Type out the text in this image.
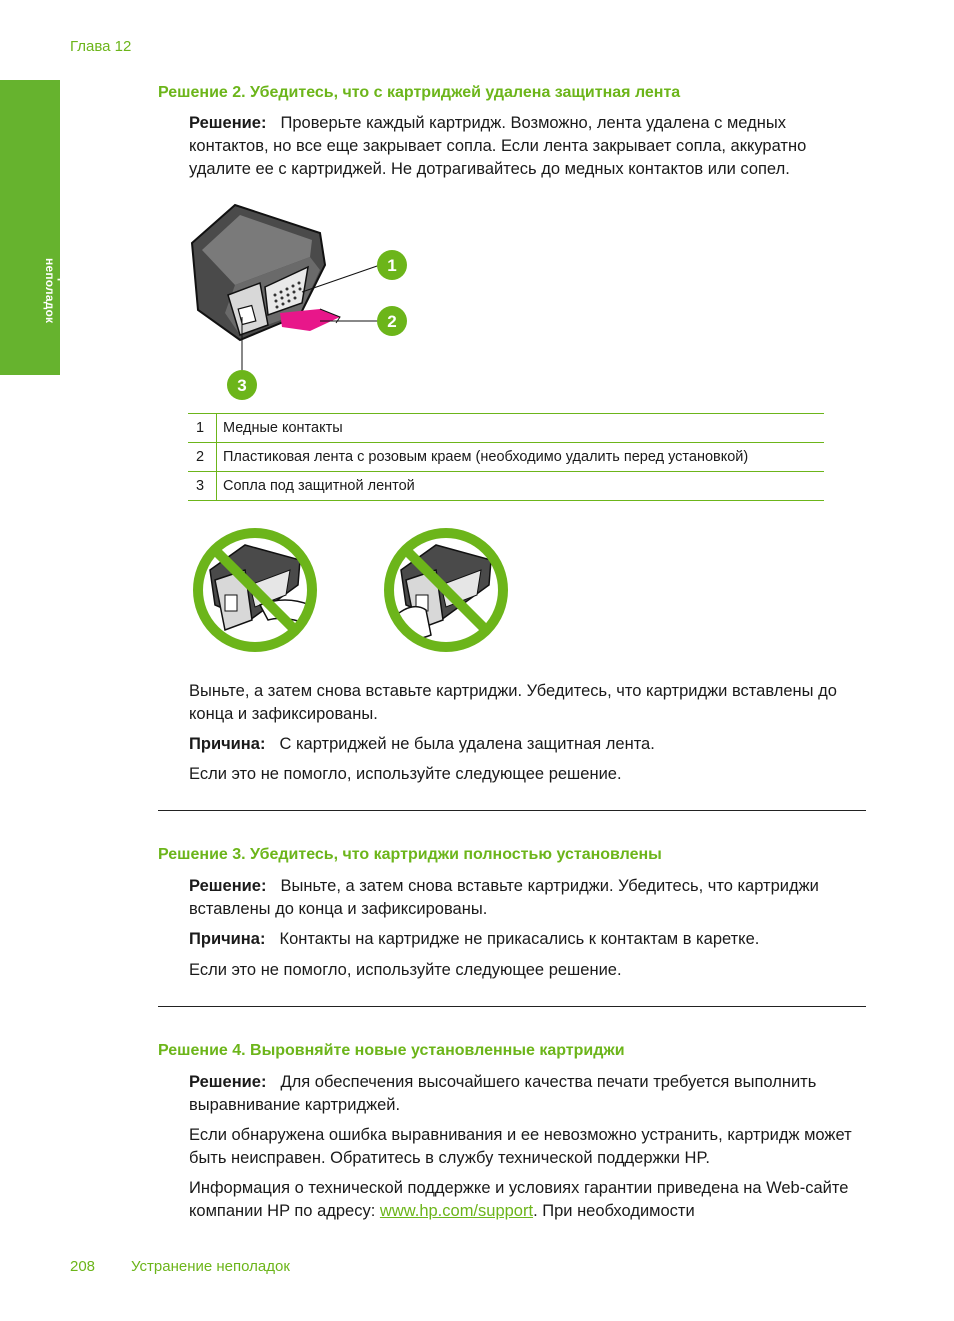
Глава 12
Устранение неполадок
Решение 2. Убедитесь, что с картриджей удалена защитная лента
Решение: Проверьте каждый картридж. Возможно, лента удалена с медных контактов, но все еще закрывает сопла. Если лента закрывает сопла, аккуратно удалите ее с картриджей. Не дотрагивайтесь до медных контактов или сопел.
1
2
3
1	Медные контакты
2	Пластиковая лента с розовым краем (необходимо удалить перед установкой)
3	Сопла под защитной лентой
Выньте, а затем снова вставьте картриджи. Убедитесь, что картриджи вставлены до конца и зафиксированы.
Причина: С картриджей не была удалена защитная лента.
Если это не помогло, используйте следующее решение.
Решение 3. Убедитесь, что картриджи полностью установлены
Решение: Выньте, а затем снова вставьте картриджи. Убедитесь, что картриджи вставлены до конца и зафиксированы.
Причина: Контакты на картридже не прикасались к контактам в каретке.
Если это не помогло, используйте следующее решение.
Решение 4. Выровняйте новые установленные картриджи
Решение: Для обеспечения высочайшего качества печати требуется выполнить выравнивание картриджей.
Если обнаружена ошибка выравнивания и ее невозможно устранить, картридж может быть неисправен. Обратитесь в службу технической поддержки HP.
Информация о технической поддержке и условиях гарантии приведена на Web-сайте компании HP по адресу: www.hp.com/support. При необходимости
208 Устранение неполадок
